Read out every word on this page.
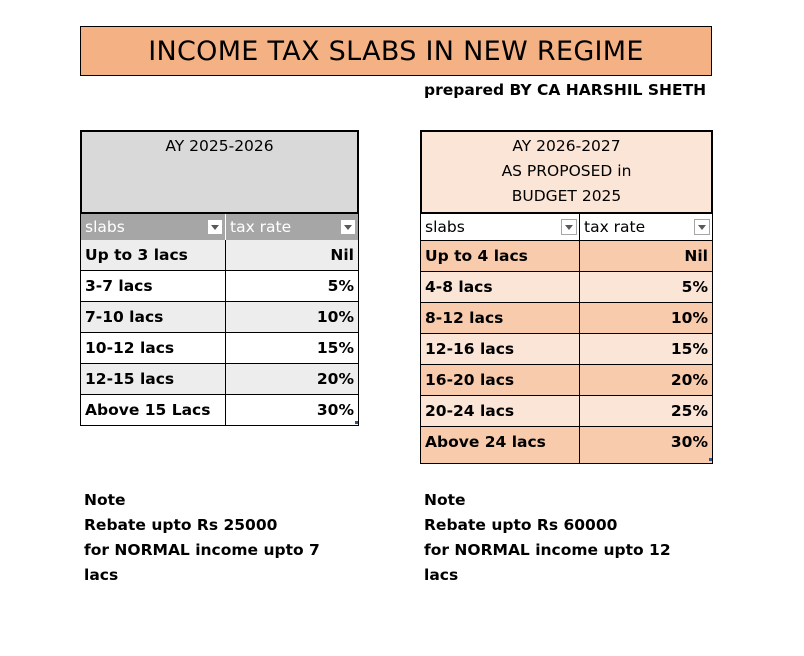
INCOME TAX SLABS IN NEW REGIME
prepared BY CA HARSHIL SHETH
AY 2025-2026
slabs	tax rate
Up to 3 lacs	Nil
3-7 lacs	5%
7-10 lacs	10%
10-12 lacs	15%
12-15 lacs	20%
Above 15 Lacs	30%
AY 2026-2027
AS PROPOSED in
BUDGET 2025
slabs	tax rate
Up to 4 lacs	Nil
4-8 lacs	5%
8-12 lacs	10%
12-16 lacs	15%
16-20 lacs	20%
20-24 lacs	25%
Above 24 lacs	30%
Note
Rebate upto Rs 25000
for NORMAL income upto 7
lacs
Note
Rebate upto Rs 60000
for NORMAL income upto 12
lacs
